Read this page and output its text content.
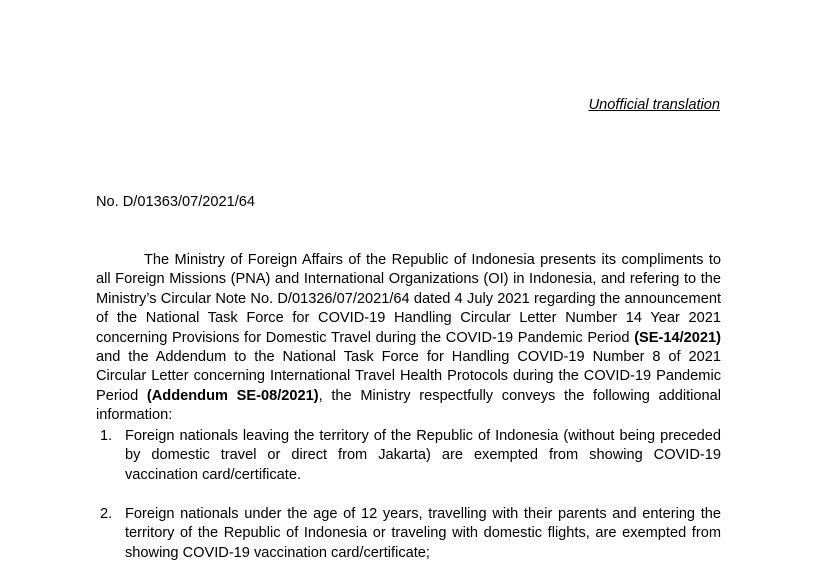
Unofficial translation
No. D/01363/07/2021/64

The Ministry of Foreign Affairs of the Republic of Indonesia presents its compliments to all Foreign Missions (PNA) and International Organizations (OI) in Indonesia, and refering to the Ministry’s Circular Note No. D/01326/07/2021/64 dated 4 July 2021 regarding the announcement of the National Task Force for COVID-19 Handling Circular Letter Number 14 Year 2021 concerning Provisions for Domestic Travel during the COVID-19 Pandemic Period (SE-14/2021) and the Addendum to the National Task Force for Handling COVID-19 Number 8 of 2021 Circular Letter concerning International Travel Health Protocols during the COVID-19 Pandemic Period (Addendum SE-08/2021), the Ministry respectfully conveys the following additional information:

1. Foreign nationals leaving the territory of the Republic of Indonesia (without being preceded by domestic travel or direct from Jakarta) are exempted from showing COVID-19 vaccination card/certificate.
2. Foreign nationals under the age of 12 years, travelling with their parents and entering the territory of the Republic of Indonesia or traveling with domestic flights, are exempted from showing COVID-19 vaccination card/certificate;
